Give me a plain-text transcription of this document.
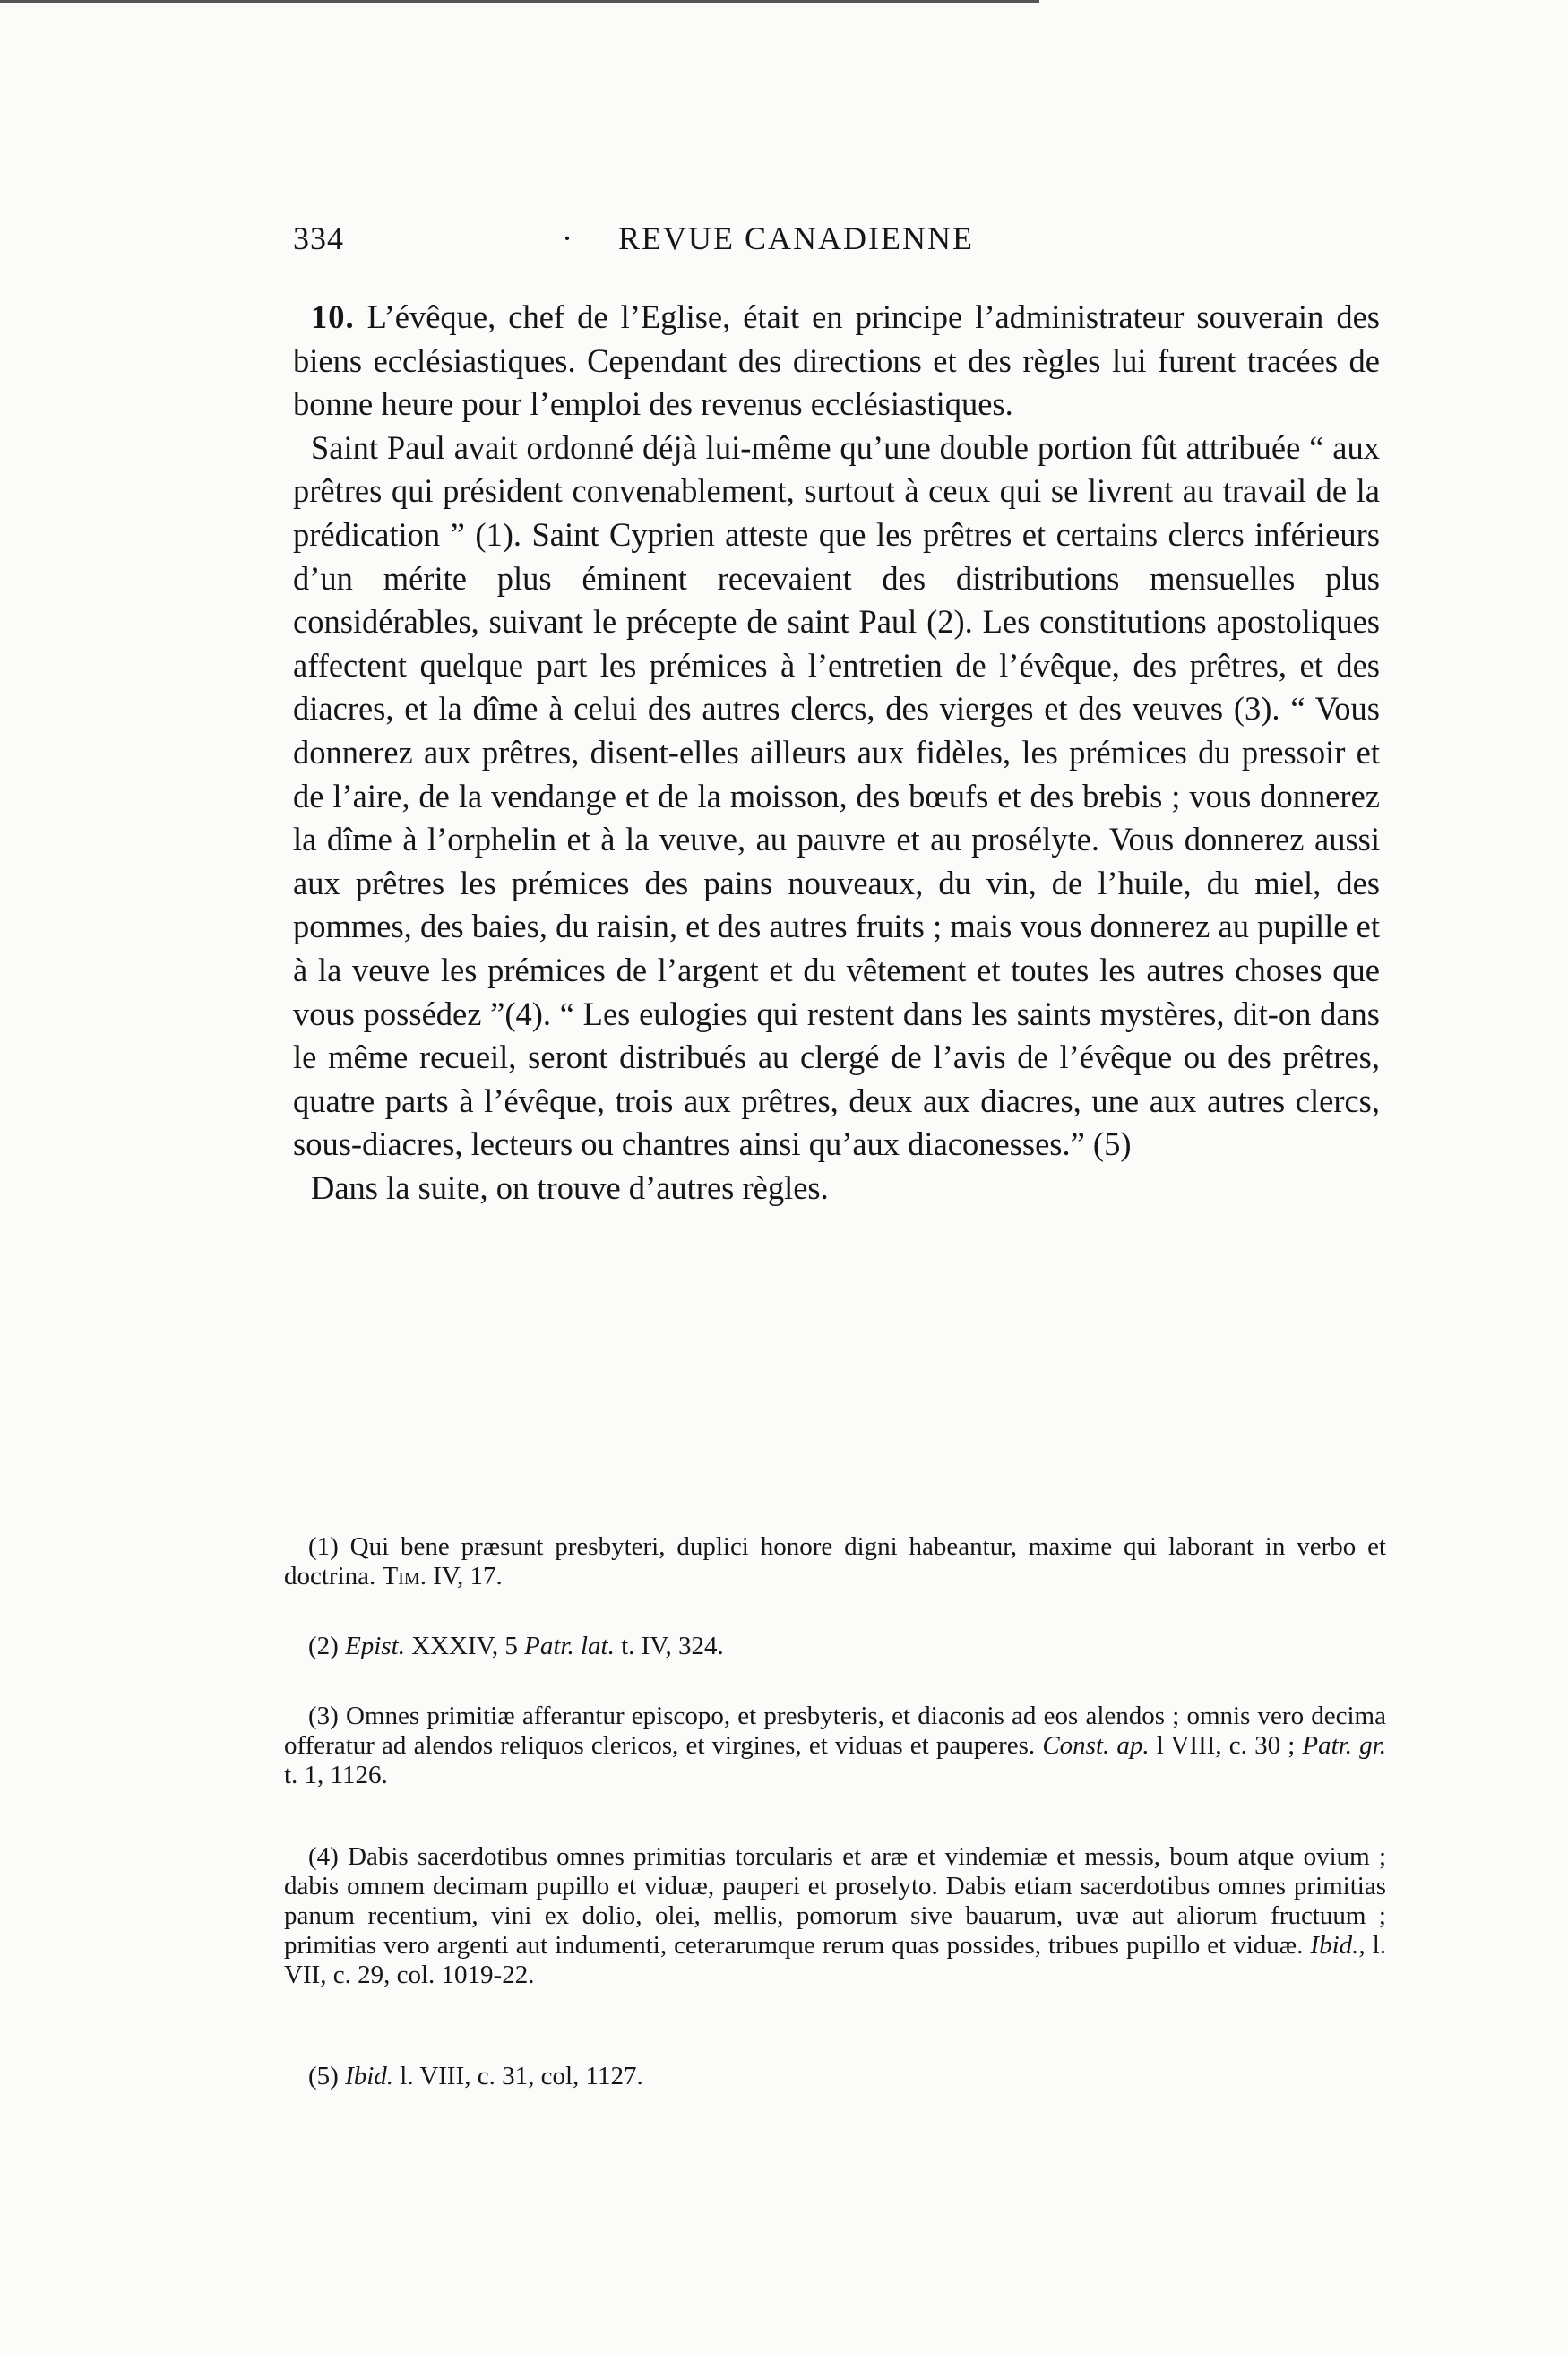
334	· REVUE CANADIENNE

10. L’évêque, chef de l’Eglise, était en principe l’administrateur souverain des biens ecclésiastiques. Cependant des directions et des règles lui furent tracées de bonne heure pour l’emploi des revenus ecclésiastiques.

Saint Paul avait ordonné déjà lui-même qu’une double portion fût attribuée “ aux prêtres qui président convenablement, surtout à ceux qui se livrent au travail de la prédication ” (1). Saint Cyprien atteste que les prêtres et certains clercs inférieurs d’un mérite plus éminent recevaient des distributions mensuelles plus considérables, suivant le précepte de saint Paul (2). Les constitutions apostoliques affectent quelque part les prémices à l’entretien de l’évêque, des prêtres, et des diacres, et la dîme à celui des autres clercs, des vierges et des veuves (3). “ Vous donnerez aux prêtres, disent-elles ailleurs aux fidèles, les prémices du pressoir et de l’aire, de la vendange et de la moisson, des bœufs et des brebis ; vous donnerez la dîme à l’orphelin et à la veuve, au pauvre et au prosélyte. Vous donnerez aussi aux prêtres les prémices des pains nouveaux, du vin, de l’huile, du miel, des pommes, des baies, du raisin, et des autres fruits ; mais vous donnerez au pupille et à la veuve les prémices de l’argent et du vêtement et toutes les autres choses que vous possédez ”(4). “ Les eulogies qui restent dans les saints mystères, dit-on dans le même recueil, seront distribués au clergé de l’avis de l’évêque ou des prêtres, quatre parts à l’évêque, trois aux prêtres, deux aux diacres, une aux autres clercs, sous-diacres, lecteurs ou chantres ainsi qu’aux diaconesses.” (5)

Dans la suite, on trouve d’autres règles.

(1) Qui bene præsunt presbyteri, duplici honore digni habeantur, maxime qui laborant in verbo et doctrina. Tim. IV, 17.

(2) Epist. XXXIV, 5 Patr. lat. t. IV, 324.

(3) Omnes primitiæ afferantur episcopo, et presbyteris, et diaconis ad eos alendos ; omnis vero decima offeratur ad alendos reliquos clericos, et virgines, et viduas et pauperes. Const. ap. l VIII, c. 30 ; Patr. gr. t. 1, 1126.

(4) Dabis sacerdotibus omnes primitias torcularis et aræ et vindemiæ et messis, boum atque ovium ; dabis omnem decimam pupillo et viduæ, pauperi et proselyto. Dabis etiam sacerdotibus omnes primitias panum recentium, vini ex dolio, olei, mellis, pomorum sive bauarum, uvæ aut aliorum fructuum ; primitias vero argenti aut indumenti, ceterarumque rerum quas possides, tribues pupillo et viduæ. Ibid., l. VII, c. 29, col. 1019-22.

(5) Ibid. l. VIII, c. 31, col, 1127.
